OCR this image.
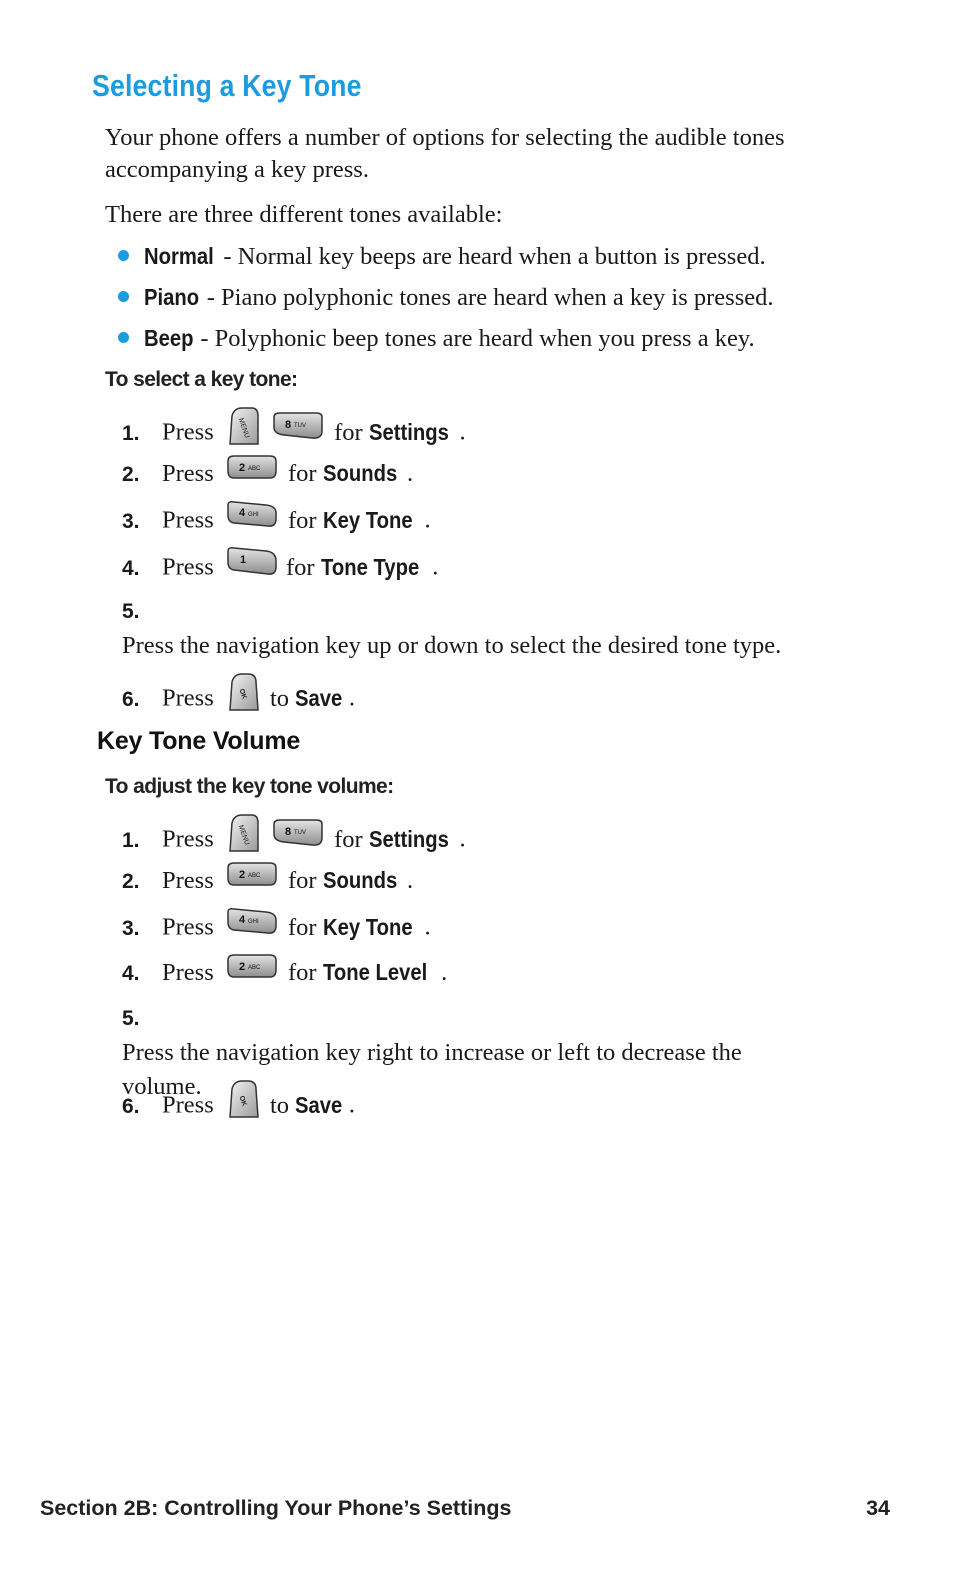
Selecting a Key Tone

Your phone offers a number of options for selecting the audible tones accompanying a key press.

There are three different tones available:

Normal - Normal key beeps are heard when a button is pressed.
Piano - Piano polyphonic tones are heard when a key is pressed.
Beep - Polyphonic beep tones are heard when you press a key.

To select a key tone:

1. Press	MENU
	8 TUV for Settings .
2. Press 2 ABC for Sounds .
3. Press 4 GHI for Key Tone .
4. Press 1 for Tone Type .
5.Press the navigation key up or down to select the desired tone type.
6. Press	OK to Save .
Key Tone Volume

To adjust the key tone volume:

1. Press	MENU
	8 TUV for Settings .
2. Press 2 ABC for Sounds .
3. Press 4 GHI for Key Tone .
4. Press 2 ABC for Tone Level .
5.Press the navigation key right to increase or left to decrease the volume.
6. Press	OK to Save .
Section 2B: Controlling Your Phone’s Settings	34
